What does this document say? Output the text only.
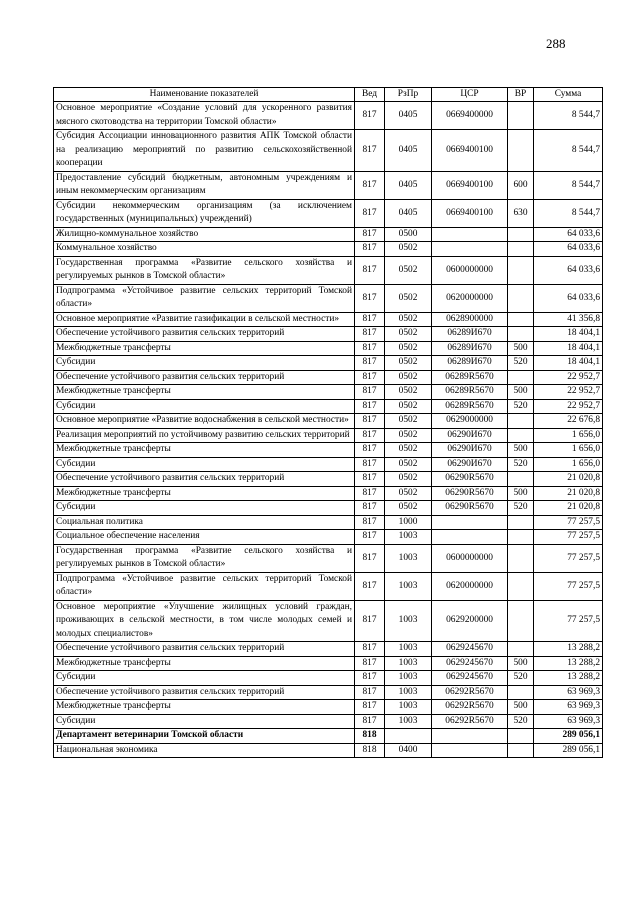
288
Наименование показателей	Вед	РзПр	ЦСР	ВР	Сумма
Основное мероприятие «Создание условий для ускоренного развития мясного скотоводства на территории Томской области»	817	0405	0669400000		8 544,7
Субсидия Ассоциации инновационного развития АПК Томской области на реализацию мероприятий по развитию сельскохозяйственной кооперации	817	0405	0669400100		8 544,7
Предоставление субсидий бюджетным, автономным учреждениям и иным некоммерческим организациям	817	0405	0669400100	600	8 544,7
Субсидии некоммерческим организациям (за исключением государственных (муниципальных) учреждений)	817	0405	0669400100	630	8 544,7
Жилищно-коммунальное хозяйство	817	0500			64 033,6
Коммунальное хозяйство	817	0502			64 033,6
Государственная программа «Развитие сельского хозяйства и регулируемых рынков в Томской области»	817	0502	0600000000		64 033,6
Подпрограмма «Устойчивое развитие сельских территорий Томской области»	817	0502	0620000000		64 033,6
Основное мероприятие «Развитие газификации в сельской местности»	817	0502	0628900000		41 356,8
Обеспечение устойчивого развития сельских территорий	817	0502	06289И670		18 404,1
Межбюджетные трансферты	817	0502	06289И670	500	18 404,1
Субсидии	817	0502	06289И670	520	18 404,1
Обеспечение устойчивого развития сельских территорий	817	0502	06289R5670		22 952,7
Межбюджетные трансферты	817	0502	06289R5670	500	22 952,7
Субсидии	817	0502	06289R5670	520	22 952,7
Основное мероприятие «Развитие водоснабжения в сельской местности»	817	0502	0629000000		22 676,8
Реализация мероприятий по устойчивому развитию сельских территорий	817	0502	06290И670		1 656,0
Межбюджетные трансферты	817	0502	06290И670	500	1 656,0
Субсидии	817	0502	06290И670	520	1 656,0
Обеспечение устойчивого развития сельских территорий	817	0502	06290R5670		21 020,8
Межбюджетные трансферты	817	0502	06290R5670	500	21 020,8
Субсидии	817	0502	06290R5670	520	21 020,8
Социальная политика	817	1000			77 257,5
Социальное обеспечение населения	817	1003			77 257,5
Государственная программа «Развитие сельского хозяйства и регулируемых рынков в Томской области»	817	1003	0600000000		77 257,5
Подпрограмма «Устойчивое развитие сельских территорий Томской области»	817	1003	0620000000		77 257,5
Основное мероприятие «Улучшение жилищных условий граждан, проживающих в сельской местности, в том числе молодых семей и молодых специалистов»	817	1003	0629200000		77 257,5
Обеспечение устойчивого развития сельских территорий	817	1003	0629245670		13 288,2
Межбюджетные трансферты	817	1003	0629245670	500	13 288,2
Субсидии	817	1003	0629245670	520	13 288,2
Обеспечение устойчивого развития сельских территорий	817	1003	06292R5670		63 969,3
Межбюджетные трансферты	817	1003	06292R5670	500	63 969,3
Субсидии	817	1003	06292R5670	520	63 969,3
Департамент ветеринарии Томской области	818				289 056,1
Национальная экономика	818	0400			289 056,1
